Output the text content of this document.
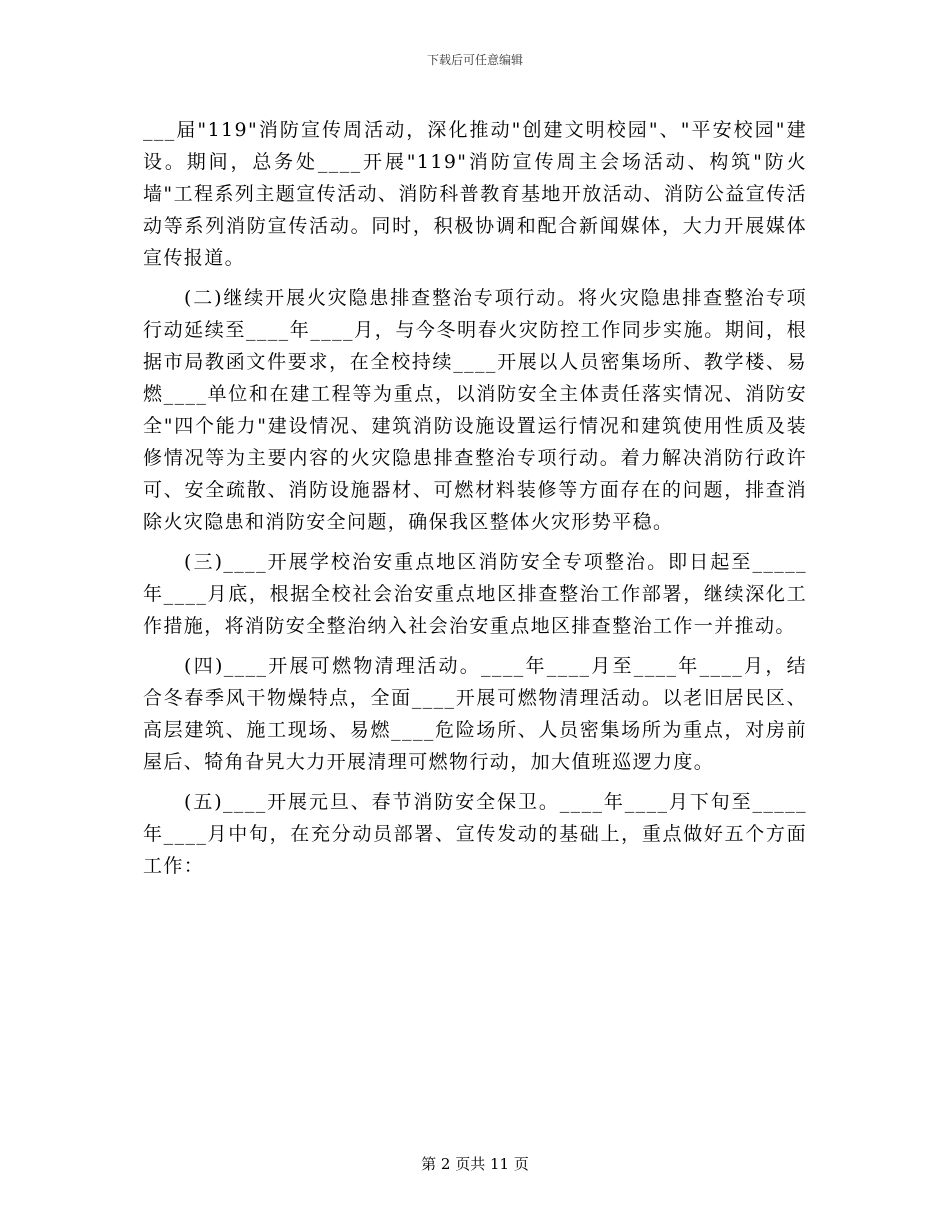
下载后可任意编辑

___届"119"消防宣传周活动，深化推动"创建文明校园"、"平安校园"建设。期间，总务处____开展"119"消防宣传周主会场活动、构筑"防火墙"工程系列主题宣传活动、消防科普教育基地开放活动、消防公益宣传活动等系列消防宣传活动。同时，积极协调和配合新闻媒体，大力开展媒体宣传报道。

(二)继续开展火灾隐患排查整治专项行动。将火灾隐患排查整治专项行动延续至____年____月，与今冬明春火灾防控工作同步实施。期间，根据市局教函文件要求，在全校持续____开展以人员密集场所、教学楼、易燃____单位和在建工程等为重点，以消防安全主体责任落实情况、消防安全"四个能力"建设情况、建筑消防设施设置运行情况和建筑使用性质及装修情况等为主要内容的火灾隐患排查整治专项行动。着力解决消防行政许可、安全疏散、消防设施器材、可燃材料装修等方面存在的问题，排查消除火灾隐患和消防安全问题，确保我区整体火灾形势平稳。

(三)____开展学校治安重点地区消防安全专项整治。即日起至_____年____月底，根据全校社会治安重点地区排查整治工作部署，继续深化工作措施，将消防安全整治纳入社会治安重点地区排查整治工作一并推动。

(四)____开展可燃物清理活动。____年____月至____年____月，结合冬春季风干物燥特点，全面____开展可燃物清理活动。以老旧居民区、高层建筑、施工现场、易燃____危险场所、人员密集场所为重点，对房前屋后、犄角旮旯大力开展清理可燃物行动，加大值班巡逻力度。

(五)____开展元旦、春节消防安全保卫。____年____月下旬至_____年____月中旬，在充分动员部署、宣传发动的基础上，重点做好五个方面工作：

第 2 页共 11 页
